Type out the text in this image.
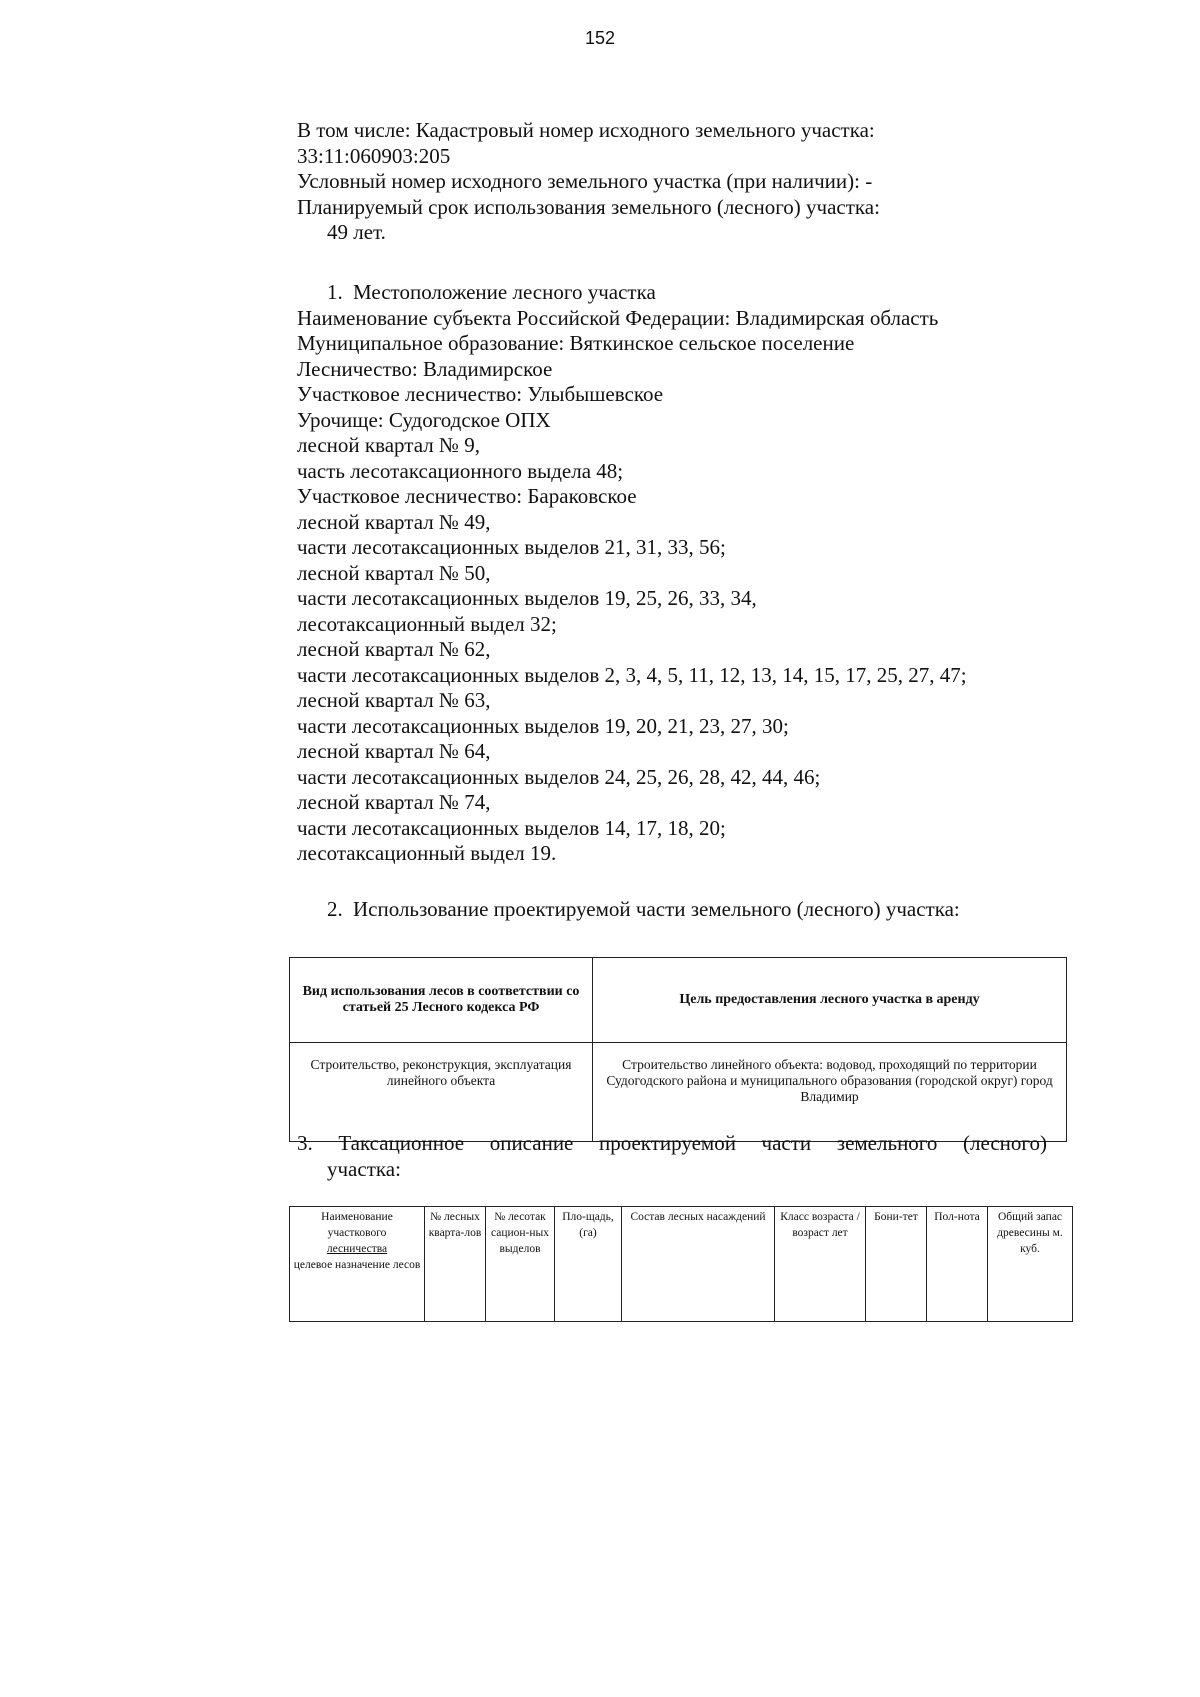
152
В том числе: Кадастровый номер исходного земельного участка:
33:11:060903:205
Условный номер исходного земельного участка (при наличии): -
Планируемый срок использования земельного (лесного) участка:
49 лет.
1. Местоположение лесного участка
Наименование субъекта Российской Федерации: Владимирская область
Муниципальное образование: Вяткинское сельское поселение
Лесничество: Владимирское
Участковое лесничество: Улыбышевское
Урочище: Судогодское ОПХ
лесной квартал № 9,
часть лесотаксационного выдела 48;
Участковое лесничество: Бараковское
лесной квартал № 49,
части лесотаксационных выделов 21, 31, 33, 56;
лесной квартал № 50,
части лесотаксационных выделов 19, 25, 26, 33, 34,
лесотаксационный выдел 32;
лесной квартал № 62,
части лесотаксационных выделов 2, 3, 4, 5, 11, 12, 13, 14, 15, 17, 25, 27, 47;
лесной квартал № 63,
части лесотаксационных выделов 19, 20, 21, 23, 27, 30;
лесной квартал № 64,
части лесотаксационных выделов 24, 25, 26, 28, 42, 44, 46;
лесной квартал № 74,
части лесотаксационных выделов 14, 17, 18, 20;
лесотаксационный выдел 19.
2. Использование проектируемой части земельного (лесного) участка:
Вид использования лесов в соответствии со статьей 25 Лесного кодекса РФ	Цель предоставления лесного участка в аренду
Строительство, реконструкция, эксплуатация линейного объекта	Строительство линейного объекта: водовод, проходящий по территории Судогодского района и муниципального образования (городской округ) город Владимир
3. Таксационное описание проектируемой части земельного (лесного)
участка:
Наименование участкового
лесничества
целевое назначение лесов	№ лесных кварта-лов	№ лесотак сацион-ных выделов	Пло-щадь, (га)	Состав лесных насаждений	Класс возраста /возраст лет	Бони-тет	Пол-нота	Общий запас древесины м. куб.
